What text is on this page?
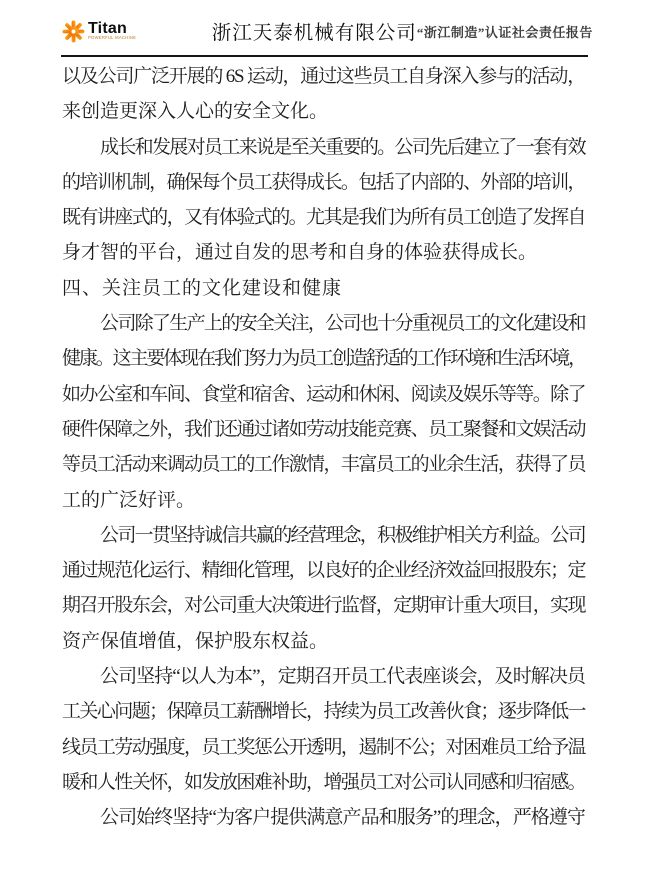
Titan
POWERFUL MACHINE	浙江天泰机械有限公司 “浙江制造”认证社会责任报告
以及公司广泛开展的 6S 运动，通过这些员工自身深入参与的活动，
来创造更深入人心的安全文化。
成长和发展对员工来说是至关重要的。公司先后建立了一套有效
的培训机制，确保每个员工获得成长。包括了内部的、外部的培训，
既有讲座式的，又有体验式的。尤其是我们为所有员工创造了发挥自
身才智的平台，通过自发的思考和自身的体验获得成长。
四、关注员工的文化建设和健康
公司除了生产上的安全关注，公司也十分重视员工的文化建设和
健康。这主要体现在我们努力为员工创造舒适的工作环境和生活环境，
如办公室和车间、食堂和宿舍、运动和休闲、阅读及娱乐等等。除了
硬件保障之外，我们还通过诸如劳动技能竞赛、员工聚餐和文娱活动
等员工活动来调动员工的工作激情，丰富员工的业余生活，获得了员
工的广泛好评。
公司一贯坚持诚信共赢的经营理念，积极维护相关方利益。公司
通过规范化运行、精细化管理，以良好的企业经济效益回报股东；定
期召开股东会，对公司重大决策进行监督，定期审计重大项目，实现
资产保值增值，保护股东权益。
公司坚持“以人为本”，定期召开员工代表座谈会，及时解决员
工关心问题；保障员工薪酬增长，持续为员工改善伙食；逐步降低一
线员工劳动强度，员工奖惩公开透明，遏制不公；对困难员工给予温
暖和人性关怀，如发放困难补助，增强员工对公司认同感和归宿感。
公司始终坚持“为客户提供满意产品和服务”的理念，严格遵守
